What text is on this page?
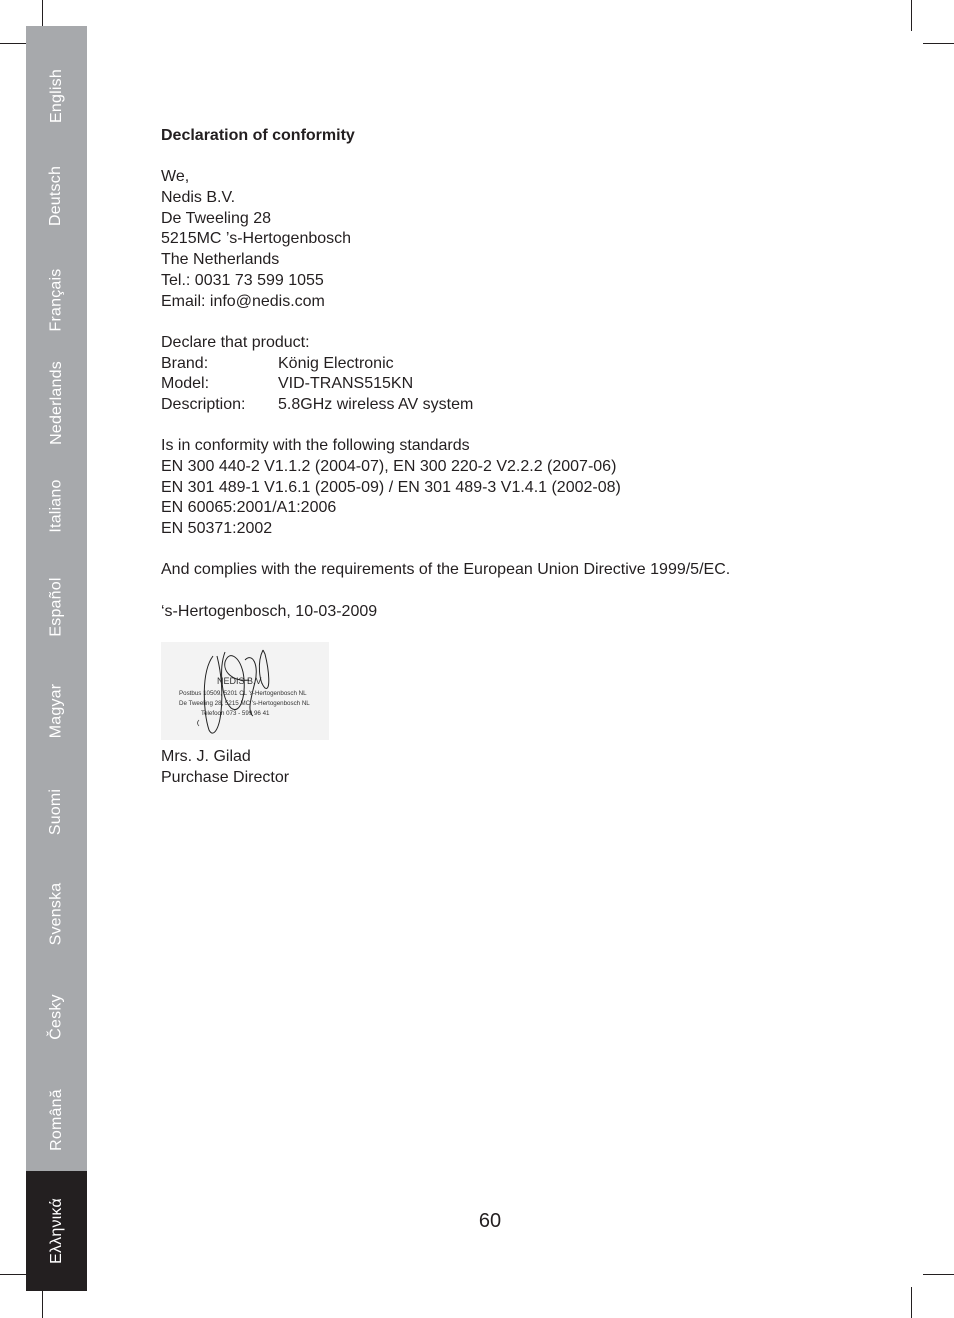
English
Deutsch
Français
Nederlands
Italiano
Español
Magyar
Suomi
Svenska
Česky
Română
Ελληνικά
Declaration of conformity
We,
Nedis B.V.
De Tweeling 28
5215MC ’s-Hertogenbosch
The Netherlands
Tel.: 0031 73 599 1055
Email: info@nedis.com
Declare that product:
Brand:	König Electronic
Model:	VID-TRANS515KN
Description:	5.8GHz wireless AV system
Is in conformity with the following standards
EN 300 440-2 V1.1.2 (2004-07), EN 300 220-2 V2.2.2 (2007-06)
EN 301 489-1 V1.6.1 (2005-09) / EN 301 489-3 V1.4.1 (2002-08)
EN 60065:2001/A1:2006
EN 50371:2002
And complies with the requirements of the European Union Directive 1999/5/EC.
‘s-Hertogenbosch, 10-03-2009
NEDIS B.V.
Postbus 10509, 5201 CL 's-Hertogenbosch NL
De Tweeling 28, 5215 MC 's-Hertogenbosch NL
Telefoon 073 - 599 96 41
Mrs. J. Gilad
Purchase Director
60
